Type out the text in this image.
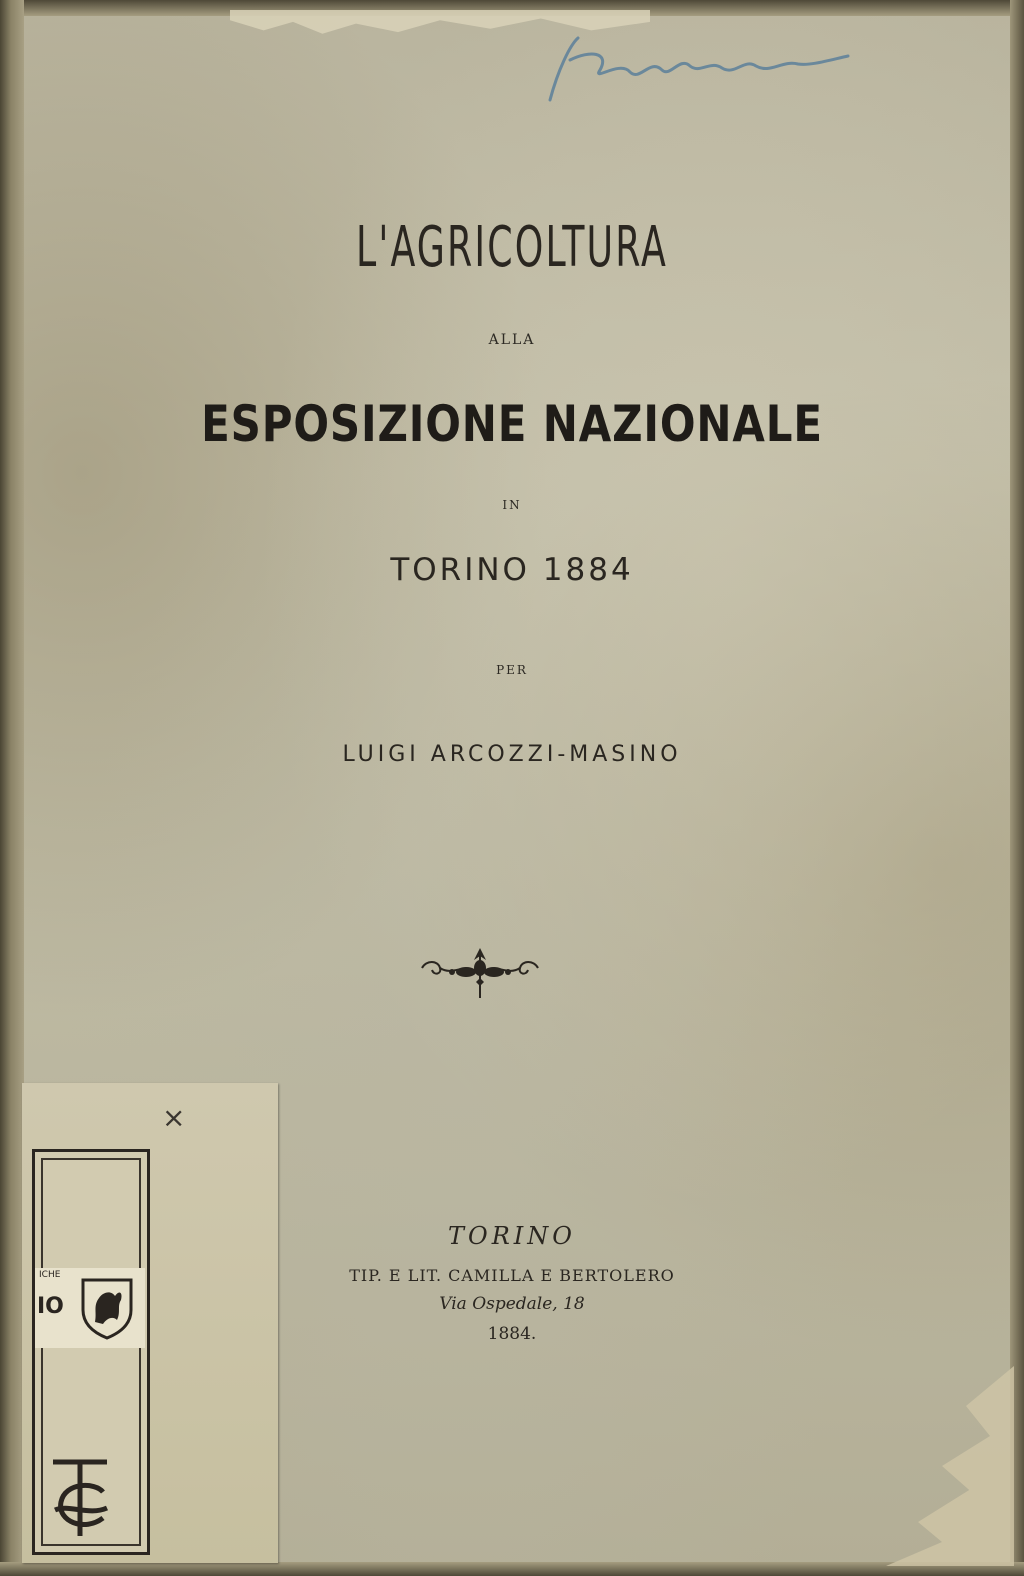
L'AGRICOLTURA
ALLA
ESPOSIZIONE NAZIONALE
IN
TORINO 1884
PER
LUIGI ARCOZZI-MASINO
TORINO
TIP. E LIT. CAMILLA E BERTOLERO
Via Ospedale, 18
1884.
×
ICHE
IO
